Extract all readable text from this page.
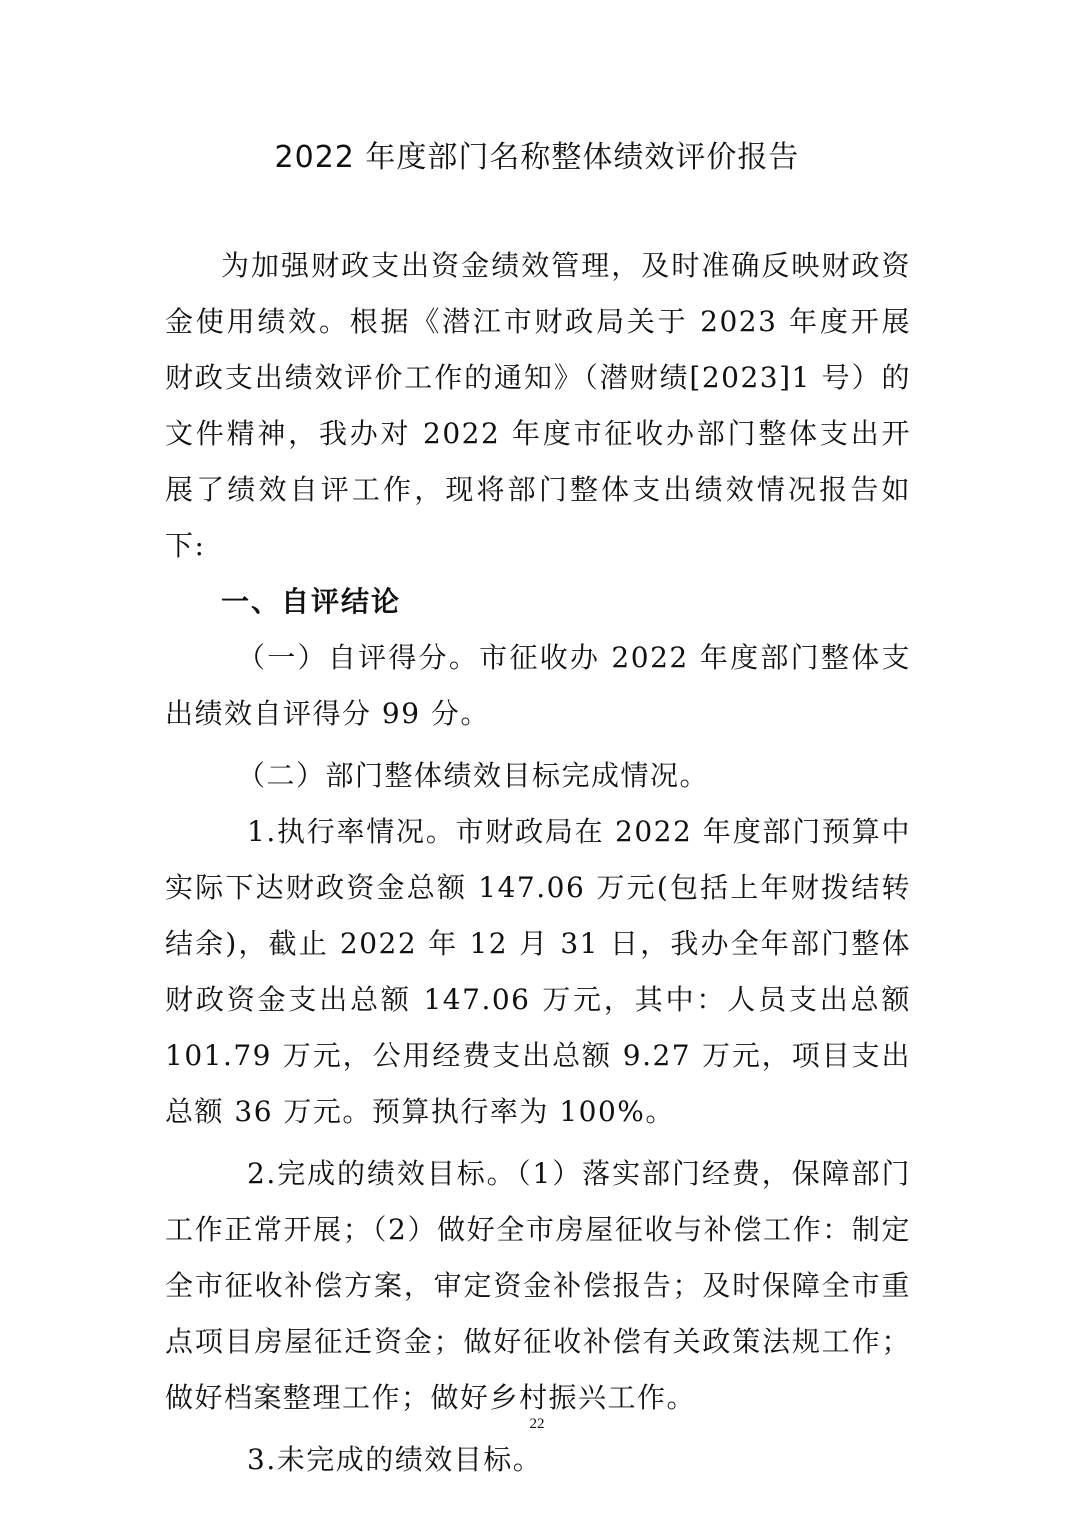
2022 年度部门名称整体绩效评价报告

为加强财政支出资金绩效管理，及时准确反映财政资金使用绩效。根据《潜江市财政局关于 2023 年度开展财政支出绩效评价工作的通知》（潜财绩[2023]1 号）的文件精神，我办对 2022 年度市征收办部门整体支出开展了绩效自评工作，现将部门整体支出绩效情况报告如下:

一、自评结论

（一）自评得分。市征收办 2022 年度部门整体支出绩效自评得分 99 分。

（二）部门整体绩效目标完成情况。

1.执行率情况。市财政局在 2022 年度部门预算中实际下达财政资金总额 147.06 万元(包括上年财拨结转结余)，截止 2022 年 12 月 31 日，我办全年部门整体财政资金支出总额 147.06 万元，其中：人员支出总额 101.79 万元，公用经费支出总额 9.27 万元，项目支出总额 36 万元。预算执行率为 100%。

2.完成的绩效目标。（1）落实部门经费，保障部门工作正常开展；（2）做好全市房屋征收与补偿工作：制定全市征收补偿方案，审定资金补偿报告；及时保障全市重点项目房屋征迁资金；做好征收补偿有关政策法规工作；做好档案整理工作；做好乡村振兴工作。

3.未完成的绩效目标。

22
